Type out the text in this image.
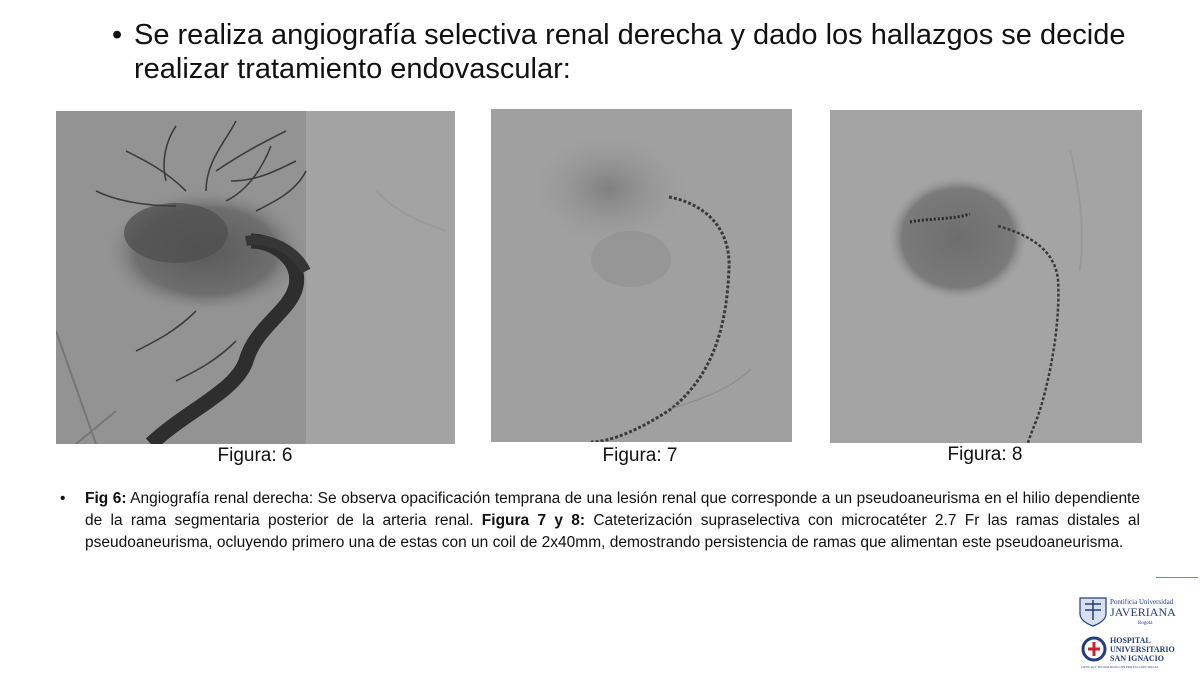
• Se realiza angiografía selectiva renal derecha y dado los hallazgos se decide realizar tratamiento endovascular:
Figura: 6	Figura: 7	Figura: 8
•	Fig 6: Angiografía renal derecha: Se observa opacificación temprana de una lesión renal que corresponde a un pseudoaneurisma en el hilio dependiente de la rama segmentaria posterior de la arteria renal. Figura 7 y 8: Cateterización supraselectiva con microcatéter 2.7 Fr las ramas distales al pseudoaneurisma, ocluyendo primero una de estas con un coil de 2x40mm, demostrando persistencia de ramas que alimentan este pseudoaneurisma.
Pontificia Universidad
JAVERIANA
Bogotá
HOSPITAL
UNIVERSITARIO
SAN IGNACIO
CIENCIA Y TECNOLOGÍA CON PROYECCIÓN SOCIAL
